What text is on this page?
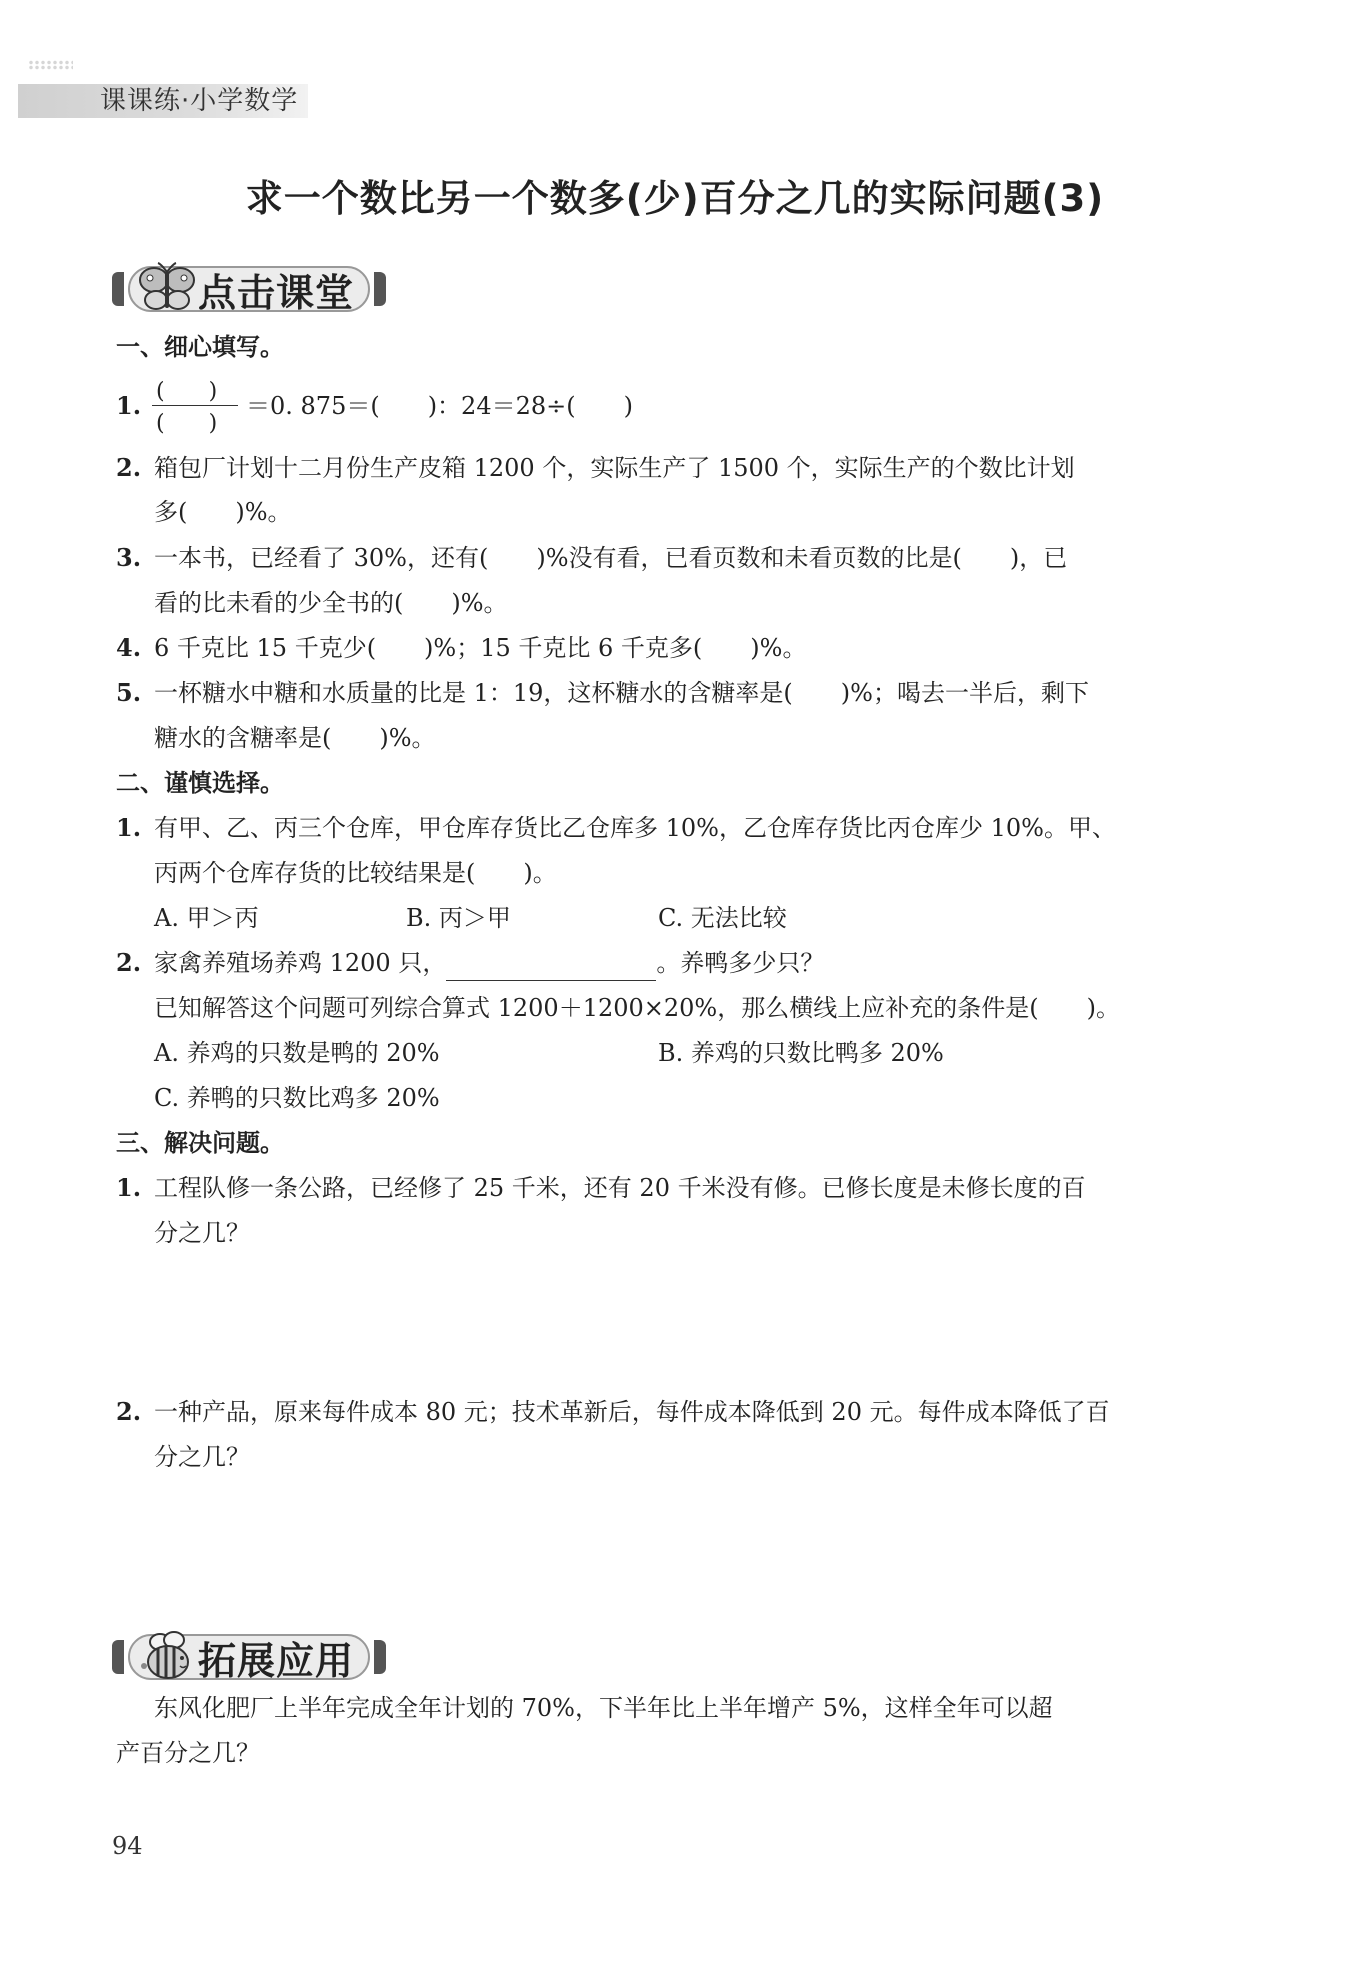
课课练·小学数学
求一个数比另一个数多(少)百分之几的实际问题(3)
点击课堂
一、细心填写。
1. (　　)
(　　)
＝0. 875＝(　　)：24＝28÷(　　)
2. 箱包厂计划十二月份生产皮箱 1200 个，实际生产了 1500 个，实际生产的个数比计划
多(　　)%。
3. 一本书，已经看了 30%，还有(　　)%没有看，已看页数和未看页数的比是(　　)，已
看的比未看的少全书的(　　)%。
4. 6 千克比 15 千克少(　　)%；15 千克比 6 千克多(　　)%。
5. 一杯糖水中糖和水质量的比是 1：19，这杯糖水的含糖率是(　　)%；喝去一半后，剩下
糖水的含糖率是(　　)%。
二、谨慎选择。
1. 有甲、乙、丙三个仓库，甲仓库存货比乙仓库多 10%，乙仓库存货比丙仓库少 10%。甲、
丙两个仓库存货的比较结果是(　　)。
A. 甲＞丙	B. 丙＞甲	C. 无法比较
2. 家禽养殖场养鸡 1200 只，	。养鸭多少只？
已知解答这个问题可列综合算式 1200＋1200×20%，那么横线上应补充的条件是(　　)。
A. 养鸡的只数是鸭的 20%	B. 养鸡的只数比鸭多 20%
C. 养鸭的只数比鸡多 20%
三、解决问题。
1. 工程队修一条公路，已经修了 25 千米，还有 20 千米没有修。已修长度是未修长度的百
分之几？
2. 一种产品，原来每件成本 80 元；技术革新后，每件成本降低到 20 元。每件成本降低了百
分之几？
拓展应用
东风化肥厂上半年完成全年计划的 70%，下半年比上半年增产 5%，这样全年可以超
产百分之几？
94
